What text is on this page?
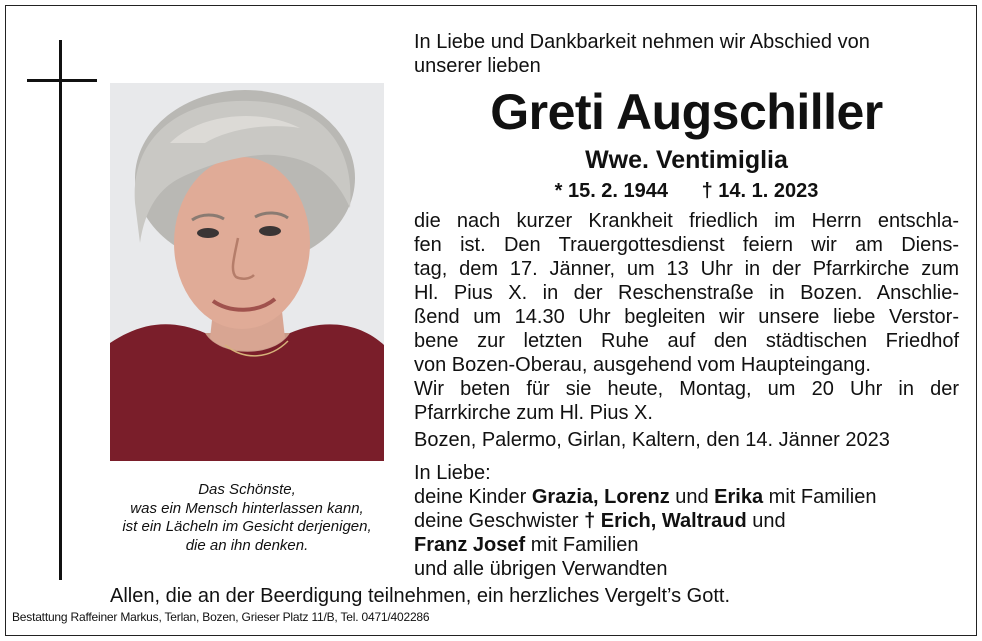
Das Schönste,
was ein Mensch hinterlassen kann,
ist ein Lächeln im Gesicht derjenigen,
die an ihn denken.
In Liebe und Dankbarkeit nehmen wir Abschied von
unserer lieben
Greti Augschiller
Wwe. Ventimiglia
* 15. 2. 1944 † 14. 1. 2023
die nach kurzer Krankheit friedlich im Herrn entschla-
fen ist. Den Trauergottesdienst feiern wir am Diens-
tag, dem 17. Jänner, um 13 Uhr in der Pfarrkirche zum
Hl. Pius X. in der Reschenstraße in Bozen. Anschlie-
ßend um 14.30 Uhr begleiten wir unsere liebe Verstor-
bene zur letzten Ruhe auf den städtischen Friedhof
von Bozen-Oberau, ausgehend vom Haupteingang.
Wir beten für sie heute, Montag, um 20 Uhr in der
Pfarrkirche zum Hl. Pius X.
Bozen, Palermo, Girlan, Kaltern, den 14. Jänner 2023
In Liebe:
deine Kinder Grazia, Lorenz und Erika mit Familien
deine Geschwister † Erich, Waltraud und
Franz Josef mit Familien
und alle übrigen Verwandten
Allen, die an der Beerdigung teilnehmen, ein herzliches Vergelt’s Gott.
Bestattung Raffeiner Markus, Terlan, Bozen, Grieser Platz 11/B, Tel. 0471/402286
